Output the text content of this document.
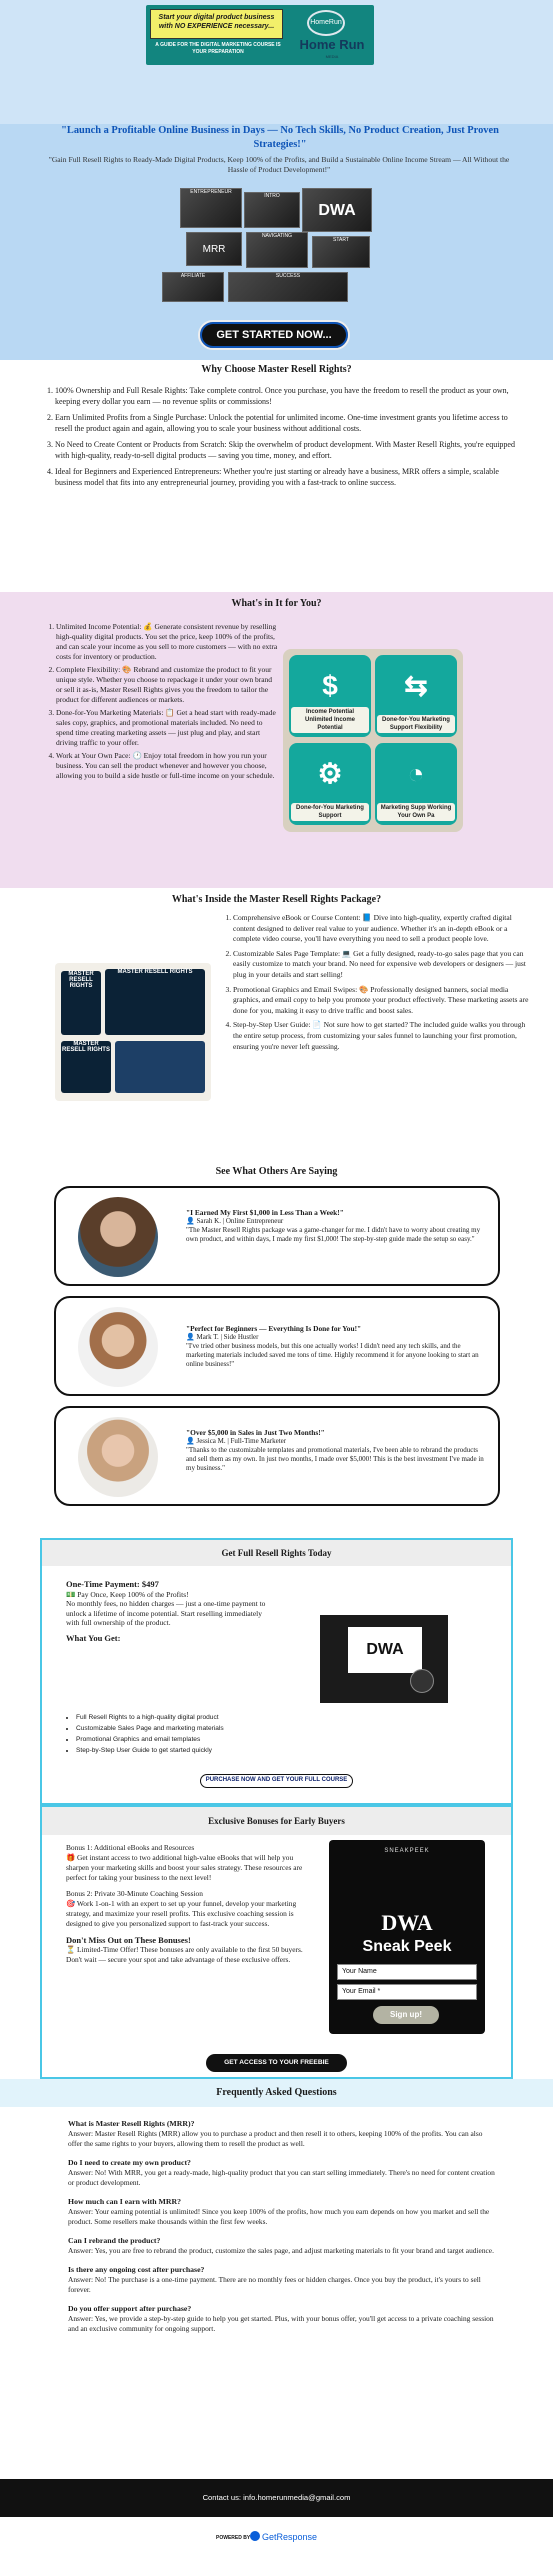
Start your digital product business with NO EXPERIENCE necessary...
A GUIDE FOR THE DIGITAL MARKETING COURSE IS YOUR PREPARATION
HomeRun
Home Run
MEDIA
"Launch a Profitable Online Business in Days — No Tech Skills, No Product Creation, Just Proven Strategies!"
"Gain Full Resell Rights to Ready-Made Digital Products, Keep 100% of the Profits, and Build a Sustainable Online Income Stream — All Without the Hassle of Product Development!"
ENTREPRENEUR
INTRO
DWA
MRR
NAVIGATING
START
AFFILIATE	SUCCESS
GET STARTED NOW...
Why Choose Master Resell Rights?
1. 100% Ownership and Full Resale Rights: Take complete control. Once you purchase, you have the freedom to resell the product as your own, keeping every dollar you earn — no revenue splits or commissions!
2. Earn Unlimited Profits from a Single Purchase: Unlock the potential for unlimited income. One-time investment grants you lifetime access to resell the product again and again, allowing you to scale your business without additional costs.
3. No Need to Create Content or Products from Scratch: Skip the overwhelm of product development. With Master Resell Rights, you're equipped with high-quality, ready-to-sell digital products — saving you time, money, and effort.
4. Ideal for Beginners and Experienced Entrepreneurs: Whether you're just starting or already have a business, MRR offers a simple, scalable business model that fits into any entrepreneurial journey, providing you with a fast-track to online success.
What's in It for You?
1. Unlimited Income Potential: 💰 Generate consistent revenue by reselling high-quality digital products. You set the price, keep 100% of the profits, and can scale your income as you sell to more customers — with no extra costs for inventory or production.
2. Complete Flexibility: 🎨 Rebrand and customize the product to fit your unique style. Whether you choose to repackage it under your own brand or sell it as-is, Master Resell Rights gives you the freedom to tailor the product for different audiences or markets.
3. Done-for-You Marketing Materials: 📋 Get a head start with ready-made sales copy, graphics, and promotional materials included. No need to spend time creating marketing assets — just plug and play, and start driving traffic to your offer.
4. Work at Your Own Pace: 🕐 Enjoy total freedom in how you run your business. You can sell the product whenever and however you choose, allowing you to build a side hustle or full-time income on your schedule.
$
Income Potential Unlimited Income Potential
⇆
Done-for-You Marketing Support Flexibility
⚙
Done-for-You Marketing Support
◔
Marketing Supp Working Your Own Pa
What's Inside the Master Resell Rights Package?
MASTER RESELL RIGHTS
MASTER RESELL RIGHTS
MASTER RESELL RIGHTS
1. Comprehensive eBook or Course Content: 📘 Dive into high-quality, expertly crafted digital content designed to deliver real value to your audience. Whether it's an in-depth eBook or a complete video course, you'll have everything you need to sell a product people love.
2. Customizable Sales Page Template: 💻 Get a fully designed, ready-to-go sales page that you can easily customize to match your brand. No need for expensive web developers or designers — just plug in your details and start selling!
3. Promotional Graphics and Email Swipes: 🎨 Professionally designed banners, social media graphics, and email copy to help you promote your product effectively. These marketing assets are done for you, making it easy to drive traffic and boost sales.
4. Step-by-Step User Guide: 📄 Not sure how to get started? The included guide walks you through the entire setup process, from customizing your sales funnel to launching your first promotion, ensuring you're never left guessing.
See What Others Are Saying
"I Earned My First $1,000 in Less Than a Week!"
👤 Sarah K. | Online Entrepreneur
"The Master Resell Rights package was a game-changer for me. I didn't have to worry about creating my own product, and within days, I made my first $1,000! The step-by-step guide made the setup so easy."
"Perfect for Beginners — Everything Is Done for You!"
👤 Mark T. | Side Hustler
"I've tried other business models, but this one actually works! I didn't need any tech skills, and the marketing materials included saved me tons of time. Highly recommend it for anyone looking to start an online business!"
"Over $5,000 in Sales in Just Two Months!"
👤 Jessica M. | Full-Time Marketer
"Thanks to the customizable templates and promotional materials, I've been able to rebrand the products and sell them as my own. In just two months, I made over $5,000! This is the best investment I've made in my business."
Get Full Resell Rights Today
One-Time Payment: $497
💵 Pay Once, Keep 100% of the Profits!
No monthly fees, no hidden charges — just a one-time payment to unlock a lifetime of income potential. Start reselling immediately with full ownership of the product.
What You Get:
• Full Resell Rights to a high-quality digital product
• Customizable Sales Page and marketing materials
• Promotional Graphics and email templates
• Step-by-Step User Guide to get started quickly
DWA
PURCHASE NOW AND GET YOUR FULL COURSE
Exclusive Bonuses for Early Buyers
Bonus 1: Additional eBooks and Resources
🎁 Get instant access to two additional high-value eBooks that will help you sharpen your marketing skills and boost your sales strategy. These resources are perfect for taking your business to the next level!
Bonus 2: Private 30-Minute Coaching Session
🎯 Work 1-on-1 with an expert to set up your funnel, develop your marketing strategy, and maximize your resell profits. This exclusive coaching session is designed to give you personalized support to fast-track your success.
Don't Miss Out on These Bonuses!
⏳ Limited-Time Offer! These bonuses are only available to the first 50 buyers. Don't wait — secure your spot and take advantage of these exclusive offers.
SNEAKPEEK
DWA
Sneak Peek
Your Name
Your Email *
Sign up!
GET ACCESS TO YOUR FREEBIE
Frequently Asked Questions
What is Master Resell Rights (MRR)?
Answer: Master Resell Rights (MRR) allow you to purchase a product and then resell it to others, keeping 100% of the profits. You can also offer the same rights to your buyers, allowing them to resell the product as well.
Do I need to create my own product?
Answer: No! With MRR, you get a ready-made, high-quality product that you can start selling immediately. There's no need for content creation or product development.
How much can I earn with MRR?
Answer: Your earning potential is unlimited! Since you keep 100% of the profits, how much you earn depends on how you market and sell the product. Some resellers make thousands within the first few weeks.
Can I rebrand the product?
Answer: Yes, you are free to rebrand the product, customize the sales page, and adjust marketing materials to fit your brand and target audience.
Is there any ongoing cost after purchase?
Answer: No! The purchase is a one-time payment. There are no monthly fees or hidden charges. Once you buy the product, it's yours to sell forever.
Do you offer support after purchase?
Answer: Yes, we provide a step-by-step guide to help you get started. Plus, with your bonus offer, you'll get access to a private coaching session and an exclusive community for ongoing support.
Contact us: info.homerunmedia@gmail.com
POWERED BY GetResponse
